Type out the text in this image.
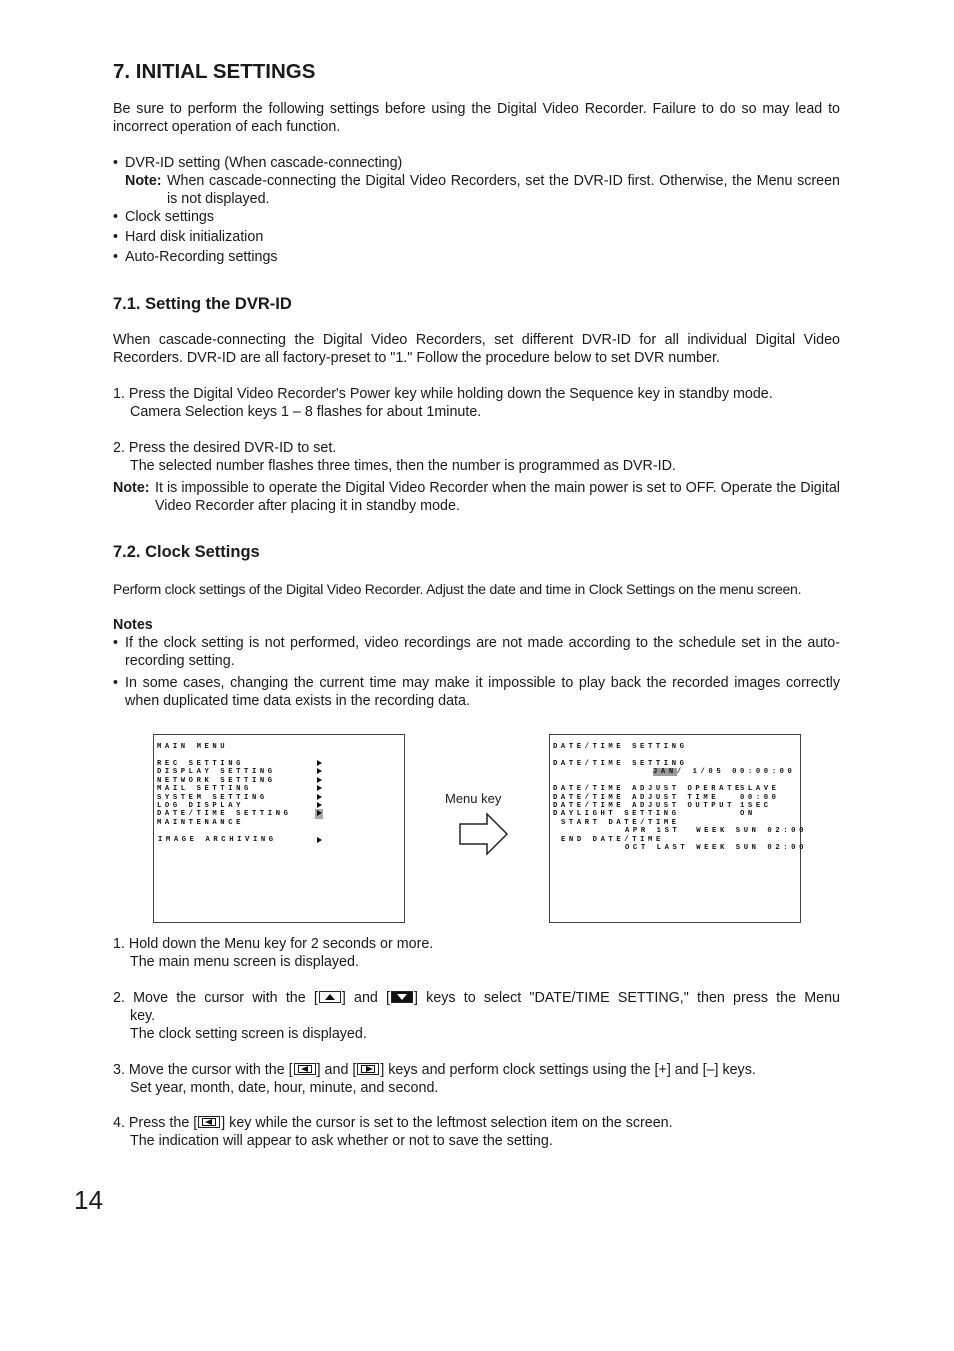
7. INITIAL SETTINGS
Be sure to perform the following settings before using the Digital Video Recorder. Failure to do so may lead to incorrect operation of each function.
• DVR-ID setting (When cascade-connecting)
Note: When cascade-connecting the Digital Video Recorders, set the DVR-ID first. Otherwise, the Menu screen is not displayed.
• Clock settings
• Hard disk initialization
• Auto-Recording settings
7.1. Setting the DVR-ID
When cascade-connecting the Digital Video Recorders, set different DVR-ID for all individual Digital Video Recorders. DVR-ID are all factory-preset to "1." Follow the procedure below to set DVR number.
1. Press the Digital Video Recorder's Power key while holding down the Sequence key in standby mode.
Camera Selection keys 1 – 8 flashes for about 1minute.
2. Press the desired DVR-ID to set.
The selected number flashes three times, then the number is programmed as DVR-ID.
Note: It is impossible to operate the Digital Video Recorder when the main power is set to OFF. Operate the Digital Video Recorder after placing it in standby mode.
7.2. Clock Settings
Perform clock settings of the Digital Video Recorder. Adjust the date and time in Clock Settings on the menu screen.
Notes
• If the clock setting is not performed, video recordings are not made according to the schedule set in the auto-recording setting.
• In some cases, changing the current time may make it impossible to play back the recorded images correctly when duplicated time data exists in the recording data.
MAIN MENU
REC SETTING
DISPLAY SETTING
NETWORK SETTING
MAIL SETTING
SYSTEM SETTING
LOG DISPLAY
DATE/TIME SETTING
MAINTENANCE
IMAGE ARCHIVING
Menu key
DATE/TIME SETTING
DATE/TIME SETTING
JAN/ 1/05 00:00:00
DATE/TIME ADJUST OPERATE
SLAVE
DATE/TIME ADJUST TIME	00:00
DATE/TIME ADJUST OUTPUT 1SEC
DAYLIGHT SETTING	ON
START DATE/TIME
APR 1ST  WEEK SUN 02:00
END DATE/TIME
OCT LAST WEEK SUN 02:00
1. Hold down the Menu key for 2 seconds or more.
The main menu screen is displayed.
2. Move the cursor with the [ ] and [ ] keys to select "DATE/TIME SETTING," then press the Menu
key.
The clock setting screen is displayed.
3. Move the cursor with the [ ] and [ ] keys and perform clock settings using the [+] and [–] keys.
Set year, month, date, hour, minute, and second.
4. Press the [ ] key while the cursor is set to the leftmost selection item on the screen.
The indication will appear to ask whether or not to save the setting.
14
